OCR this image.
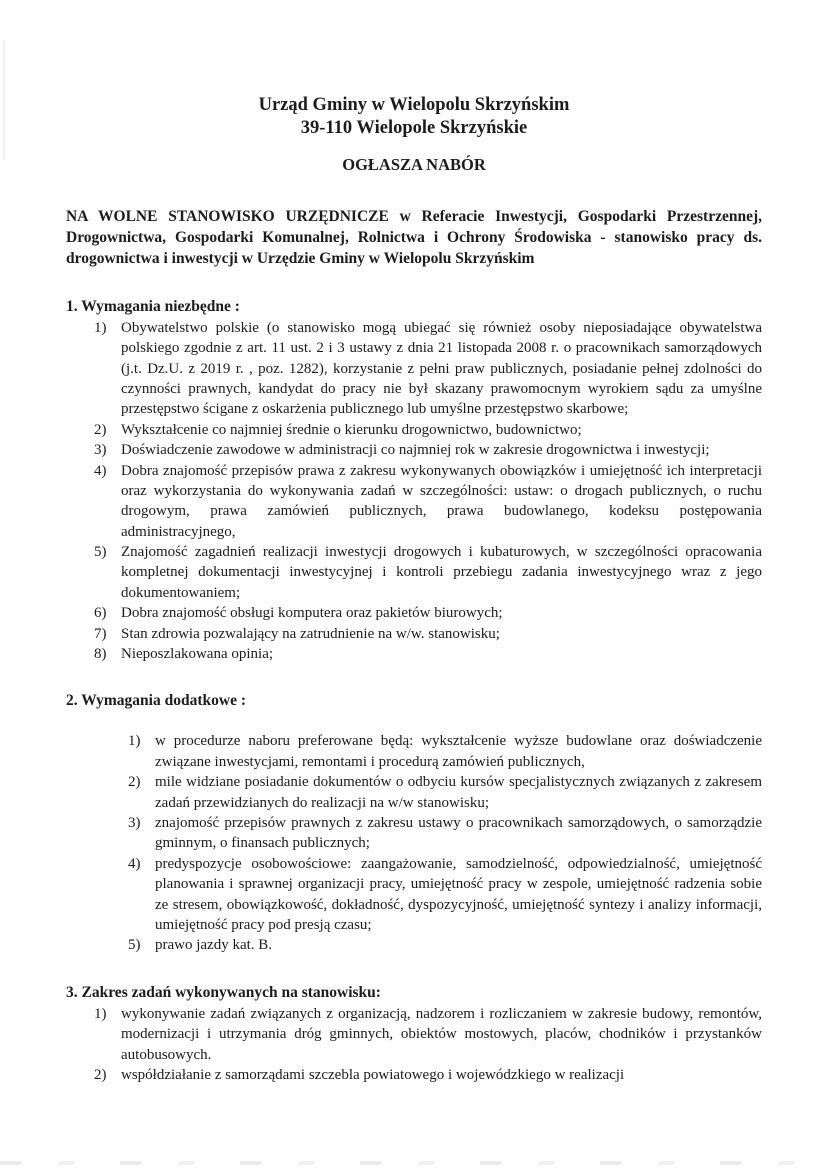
Urząd Gminy w Wielopolu Skrzyńskim
39-110 Wielopole Skrzyńskie
OGŁASZA NABÓR

NA WOLNE STANOWISKO URZĘDNICZE w Referacie Inwestycji, Gospodarki Przestrzennej, Drogownictwa, Gospodarki Komunalnej, Rolnictwa i Ochrony Środowiska - stanowisko pracy ds. drogownictwa i inwestycji w Urzędzie Gminy w Wielopolu Skrzyńskim

1. Wymagania niezbędne :
1) Obywatelstwo polskie (o stanowisko mogą ubiegać się również osoby nieposiadające obywatelstwa polskiego zgodnie z art. 11 ust. 2 i 3 ustawy z dnia 21 listopada 2008 r. o pracownikach samorządowych (j.t. Dz.U. z 2019 r. , poz. 1282), korzystanie z pełni praw publicznych, posiadanie pełnej zdolności do czynności prawnych, kandydat do pracy nie był skazany prawomocnym wyrokiem sądu za umyślne przestępstwo ścigane z oskarżenia publicznego lub umyślne przestępstwo skarbowe;
2) Wykształcenie co najmniej średnie o kierunku drogownictwo, budownictwo;
3) Doświadczenie zawodowe w administracji co najmniej rok w zakresie drogownictwa i inwestycji;
4) Dobra znajomość przepisów prawa z zakresu wykonywanych obowiązków i umiejętność ich interpretacji oraz wykorzystania do wykonywania zadań w szczególności: ustaw: o drogach publicznych, o ruchu drogowym, prawa zamówień publicznych, prawa budowlanego, kodeksu postępowania administracyjnego,
5) Znajomość zagadnień realizacji inwestycji drogowych i kubaturowych, w szczególności opracowania kompletnej dokumentacji inwestycyjnej i kontroli przebiegu zadania inwestycyjnego wraz z jego dokumentowaniem;
6) Dobra znajomość obsługi komputera oraz pakietów biurowych;
7) Stan zdrowia pozwalający na zatrudnienie na w/w. stanowisku;
8) Nieposzlakowana opinia;
2. Wymagania dodatkowe :
1) w procedurze naboru preferowane będą: wykształcenie wyższe budowlane oraz doświadczenie związane inwestycjami, remontami i procedurą zamówień publicznych,
2) mile widziane posiadanie dokumentów o odbyciu kursów specjalistycznych związanych z zakresem zadań przewidzianych do realizacji na w/w stanowisku;
3) znajomość przepisów prawnych z zakresu ustawy o pracownikach samorządowych, o samorządzie gminnym, o finansach publicznych;
4) predyspozycje osobowościowe: zaangażowanie, samodzielność, odpowiedzialność, umiejętność planowania i sprawnej organizacji pracy, umiejętność pracy w zespole, umiejętność radzenia sobie ze stresem, obowiązkowość, dokładność, dyspozycyjność, umiejętność syntezy i analizy informacji, umiejętność pracy pod presją czasu;
5) prawo jazdy kat. B.
3. Zakres zadań wykonywanych na stanowisku:
1) wykonywanie zadań związanych z organizacją, nadzorem i rozliczaniem w zakresie budowy, remontów, modernizacji i utrzymania dróg gminnych, obiektów mostowych, placów, chodników i przystanków autobusowych.
2) współdziałanie z samorządami szczebla powiatowego i wojewódzkiego w realizacji
